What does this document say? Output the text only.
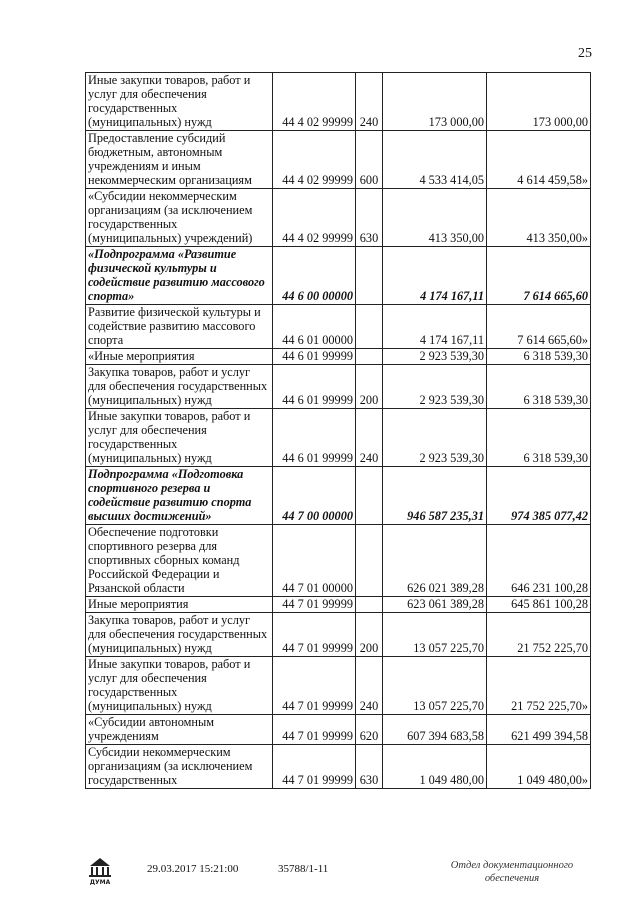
25
Иные закупки товаров, работ и услуг для обеспечения государственных (муниципальных) нужд	44 4 02 99999	240	173 000,00	173 000,00
Предоставление субсидий бюджетным, автономным учреждениям и иным некоммерческим организациям	44 4 02 99999	600	4 533 414,05	4 614 459,58»
«Субсидии некоммерческим организациям (за исключением государственных (муниципальных) учреждений)	44 4 02 99999	630	413 350,00	413 350,00»
«Подпрограмма «Развитие физической культуры и содействие развитию массового спорта»	44 6 00 00000		4 174 167,11	7 614 665,60
Развитие физической культуры и содействие развитию массового спорта	44 6 01 00000		4 174 167,11	7 614 665,60»
«Иные мероприятия	44 6 01 99999		2 923 539,30	6 318 539,30
Закупка товаров, работ и услуг для обеспечения государственных (муниципальных) нужд	44 6 01 99999	200	2 923 539,30	6 318 539,30
Иные закупки товаров, работ и услуг для обеспечения государственных (муниципальных) нужд	44 6 01 99999	240	2 923 539,30	6 318 539,30
Подпрограмма «Подготовка спортивного резерва и содействие развитию спорта высших достижений»	44 7 00 00000		946 587 235,31	974 385 077,42
Обеспечение подготовки спортивного резерва для спортивных сборных команд Российской Федерации и Рязанской области	44 7 01 00000		626 021 389,28	646 231 100,28
Иные мероприятия	44 7 01 99999		623 061 389,28	645 861 100,28
Закупка товаров, работ и услуг для обеспечения государственных (муниципальных) нужд	44 7 01 99999	200	13 057 225,70	21 752 225,70
Иные закупки товаров, работ и услуг для обеспечения государственных (муниципальных) нужд	44 7 01 99999	240	13 057 225,70	21 752 225,70»
«Субсидии автономным учреждениям	44 7 01 99999	620	607 394 683,58	621 499 394,58
Субсидии некоммерческим организациям (за исключением государственных	44 7 01 99999	630	1 049 480,00	1 049 480,00»
ДУМА
29.03.2017 15:21:00	35788/1-11	Отдел документационного обеспечения
